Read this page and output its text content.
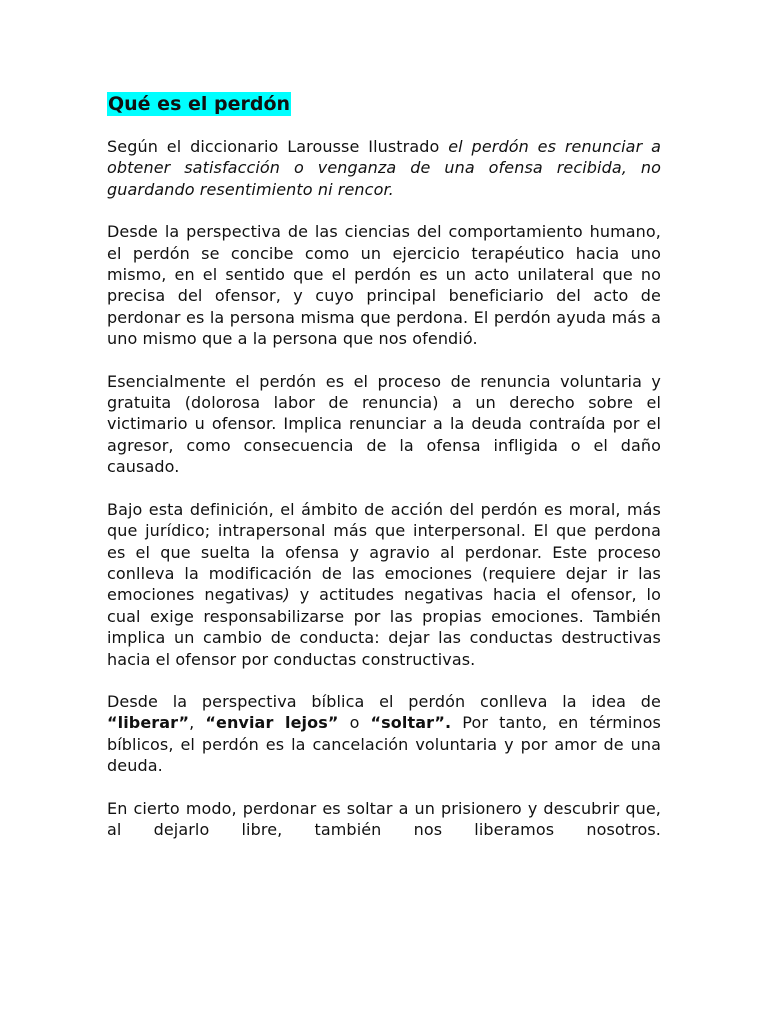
Qué es el perdón

Según el diccionario Larousse Ilustrado el perdón es renunciar a obtener satisfacción o venganza de una ofensa recibida, no guardando resentimiento ni rencor.

Desde la perspectiva de las ciencias del comportamiento humano, el perdón se concibe como un ejercicio terapéutico hacia uno mismo, en el sentido que el perdón es un acto unilateral que no precisa del ofensor, y cuyo principal beneficiario del acto de perdonar es la persona misma que perdona. El perdón ayuda más a uno mismo que a la persona que nos ofendió.

Esencialmente el perdón es el proceso de renuncia voluntaria y gratuita (dolorosa labor de renuncia) a un derecho sobre el victimario u ofensor. Implica renunciar a la deuda contraída por el agresor, como consecuencia de la ofensa infligida o el daño causado.

Bajo esta definición, el ámbito de acción del perdón es moral, más que jurídico; intrapersonal más que interpersonal. El que perdona es el que suelta la ofensa y agravio al perdonar. Este proceso conlleva la modificación de las emociones (requiere dejar ir las emociones negativas) y actitudes negativas hacia el ofensor, lo cual exige responsabilizarse por las propias emociones. También implica un cambio de conducta: dejar las conductas destructivas hacia el ofensor por conductas constructivas.

Desde la perspectiva bíblica el perdón conlleva la idea de “liberar”, “enviar lejos” o “soltar”. Por tanto, en términos bíblicos, el perdón es la cancelación voluntaria y por amor de una deuda.

En cierto modo, perdonar es soltar a un prisionero y descubrir que, al dejarlo libre, también nos liberamos nosotros.
